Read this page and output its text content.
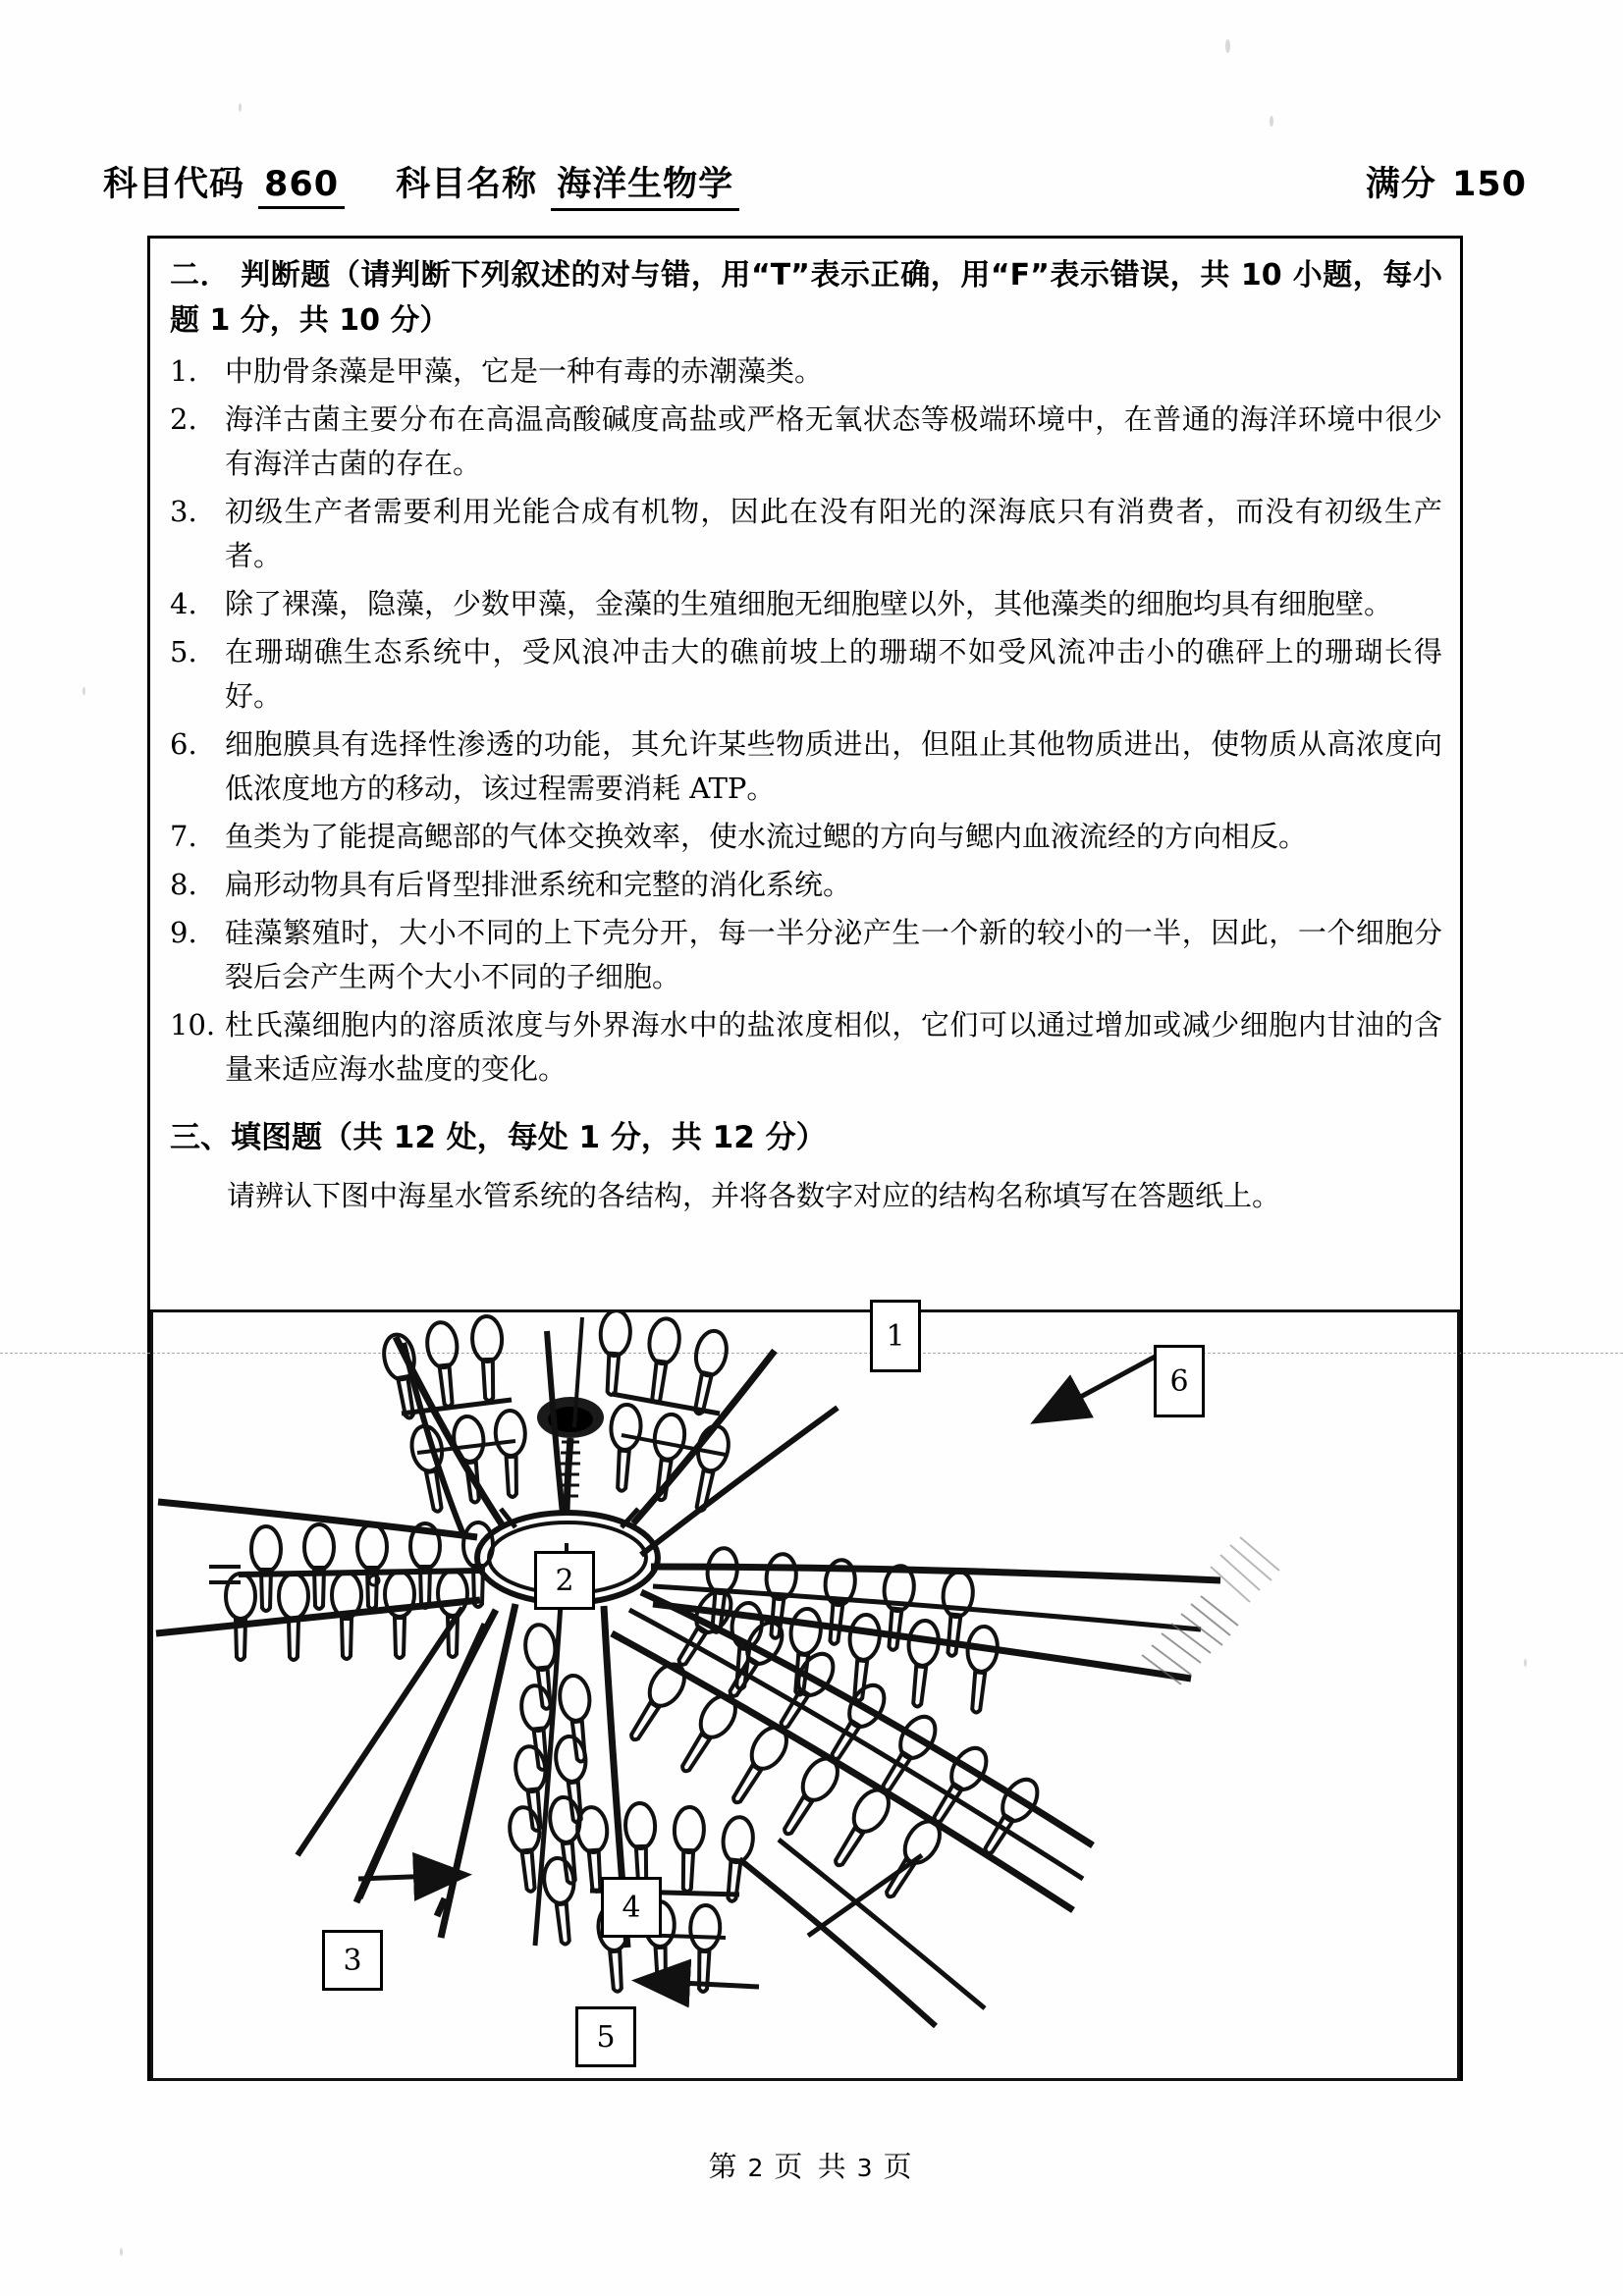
科目代码 860 科目名称 海洋生物学	满分 150

二． 判断题（请判断下列叙述的对与错，用“T”表示正确，用“F”表示错误，共 10 小题，每小题 1 分，共 10 分）

1. 中肋骨条藻是甲藻，它是一种有毒的赤潮藻类。
2. 海洋古菌主要分布在高温高酸碱度高盐或严格无氧状态等极端环境中，在普通的海洋环境中很少有海洋古菌的存在。
3. 初级生产者需要利用光能合成有机物，因此在没有阳光的深海底只有消费者，而没有初级生产者。
4. 除了裸藻，隐藻，少数甲藻，金藻的生殖细胞无细胞壁以外，其他藻类的细胞均具有细胞壁。
5. 在珊瑚礁生态系统中，受风浪冲击大的礁前坡上的珊瑚不如受风流冲击小的礁砰上的珊瑚长得好。
6. 细胞膜具有选择性渗透的功能，其允许某些物质进出，但阻止其他物质进出，使物质从高浓度向低浓度地方的移动，该过程需要消耗 ATP。
7. 鱼类为了能提高鳃部的气体交换效率，使水流过鳃的方向与鳃内血液流经的方向相反。
8. 扁形动物具有后肾型排泄系统和完整的消化系统。
9. 硅藻繁殖时，大小不同的上下壳分开，每一半分泌产生一个新的较小的一半，因此，一个细胞分裂后会产生两个大小不同的子细胞。
10. 杜氏藻细胞内的溶质浓度与外界海水中的盐浓度相似，它们可以通过增加或减少细胞内甘油的含量来适应海水盐度的变化。

三、填图题（共 12 处，每处 1 分，共 12 分）

请辨认下图中海星水管系统的各结构，并将各数字对应的结构名称填写在答题纸上。

1
6
2
3
4
5
第 2 页 共 3 页
